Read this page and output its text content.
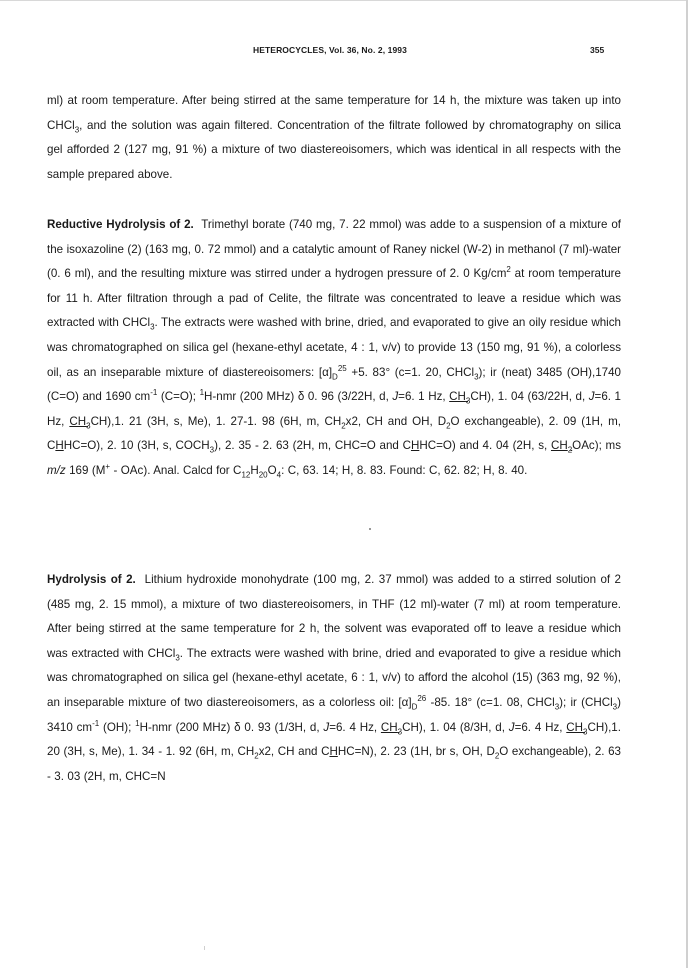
HETEROCYCLES, Vol. 36, No. 2, 1993	355

ml) at room temperature. After being stirred at the same temperature for 14 h, the mixture was taken up into CHCl$_3$, and the solution was again filtered. Concentration of the filtrate followed by chromatography on silica gel afforded 2 (127 mg, 91 %) a mixture of two diastereoisomers, which was identical in all respects with the sample prepared above.

Reductive Hydrolysis of 2. Trimethyl borate (740 mg, 7. 22 mmol) was adde to a suspension of a mixture of the isoxazoline (2) (163 mg, 0. 72 mmol) and a catalytic amount of Raney nickel (W-2) in methanol (7 ml)-water (0. 6 ml), and the resulting mixture was stirred under a hydrogen pressure of 2. 0 $Kg/cm^2$ at room temperature for 11 h. After filtration through a pad of Celite, the filtrate was concentrated to leave a residue which was extracted with CHCl$_3$. The extracts were washed with brine, dried, and evaporated to give an oily residue which was chromatographed on silica gel (hexane-ethyl acetate, 4 : 1, v/v) to provide 13 (150 mg, 91 %), a colorless oil, as an inseparable mixture of diastereoisomers: $[\alpha]_D^{25} +5$. 83° (c=1. 20, CHCl$_3$); ir (neat) 3485 (OH),1740 (C=O) and 1690 $cm^{-1}$ (C=O); $^1$H-nmr (200 MHz) δ 0. 96 (3/22H, d, J=6. 1 Hz, $CH_3CH$), 1. 04 (63/22H, d, J=6. 1 Hz, $CH_3CH),1$. 21 (3H, s, Me), 1. 27-1. 98 (6H, m, $CH_2x2$, CH and OH, $D_2O$ exchangeable), 2. 09 (1H, m, CHHC=O), 2. 10 (3H, s, $COCH_3$), 2. 35 - 2. 63 (2H, m, CHC=O and CHHC=O) and 4. 04 (2H, s, $CH_2OAc$); ms m/z 169 (M+ - OAc). Anal. Calcd for $C_{12}H_{20}O_4$: C, 63. 14; H, 8. 83. Found: C, 62. 82; H, 8. 40.

Hydrolysis of 2. Lithium hydroxide monohydrate (100 mg, 2. 37 mmol) was added to a stirred solution of 2 (485 mg, 2. 15 mmol), a mixture of two diastereoisomers, in THF (12 ml)-water (7 ml) at room temperature. After being stirred at the same temperature for 2 h, the solvent was evaporated off to leave a residue which was extracted with CHCl$_3$. The extracts were washed with brine, dried and evaporated to give a residue which was chromatographed on silica gel (hexane-ethyl acetate, 6 : 1, v/v) to afford the alcohol (15) (363 mg, 92 %), an inseparable mixture of two diastereoisomers, as a colorless oil: $[\alpha]_D^{26}$ -85. 18° (c=1. 08, CHCl$_3$); ir (CHCl$_3$) 3410 $cm^{-1}$ (OH); $^1$H-nmr (200 MHz) δ 0. 93 (1/3H, d, J=6. 4 Hz, $CH_3CH$), 1. 04 (8/3H, d, J=6. 4 Hz, $CH_3CH),1$. 20 (3H, s, Me), 1. 34 - 1. 92 (6H, m, $CH_2x2$, CH and CHHC=N), 2. 23 (1H, br s, OH, $D_2O$ exchangeable), 2. 63 - 3. 03 (2H, m, CHC=N
